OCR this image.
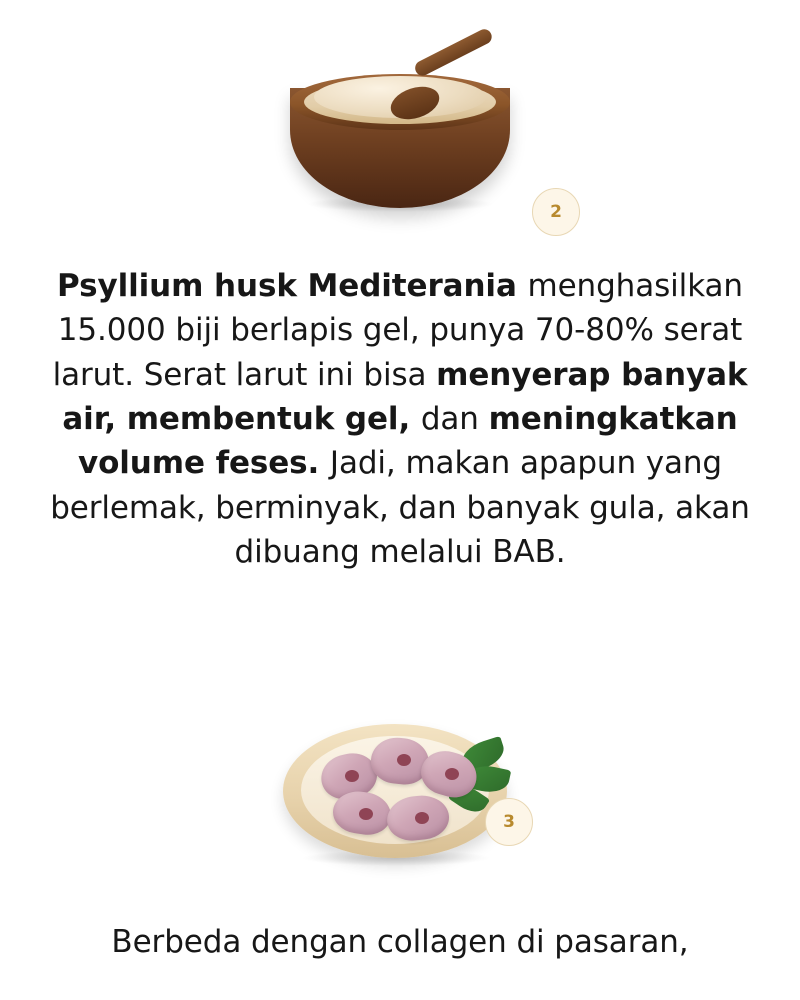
2
Psyllium husk Mediterania menghasilkan 15.000 biji berlapis gel, punya 70-80% serat larut. Serat larut ini bisa menyerap banyak air, membentuk gel, dan meningkatkan volume feses. Jadi, makan apapun yang berlemak, berminyak, dan banyak gula, akan dibuang melalui BAB.
3
Berbeda dengan collagen di pasaran,
